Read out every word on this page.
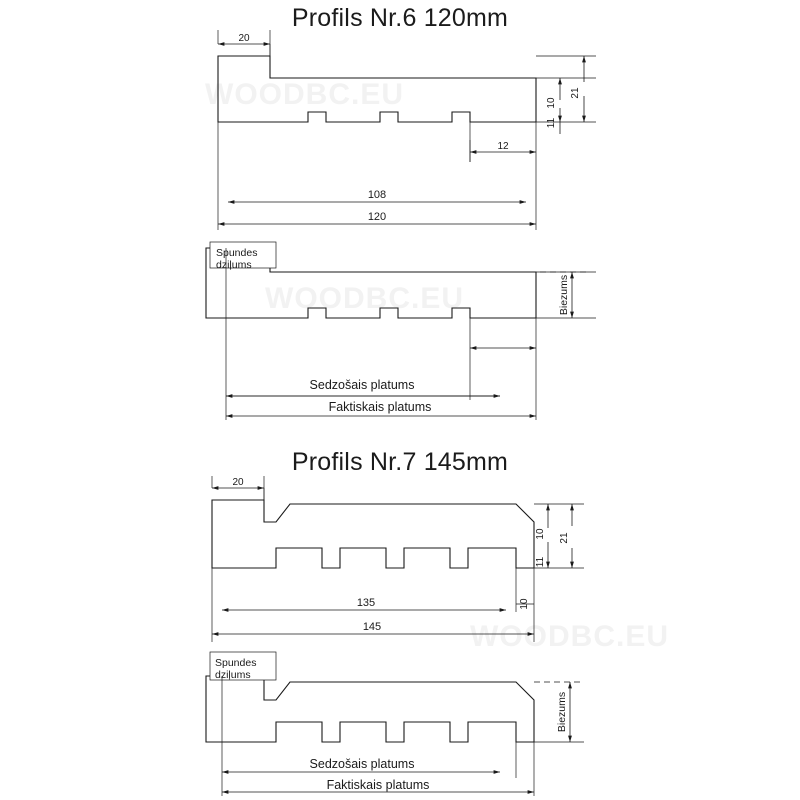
Profils Nr.6 120mm
Profils Nr.7 145mm
WOODBC.EU
WOODBC.EU
WOODBC.EU
20
10
11
21
12
108
120
Spundes
dziļums
Biezums
Sedzošais platums
Faktiskais platums
20
10
11
21
10
135
145
Spundes
dziļums
Biezums
Sedzošais platums
Faktiskais platums
